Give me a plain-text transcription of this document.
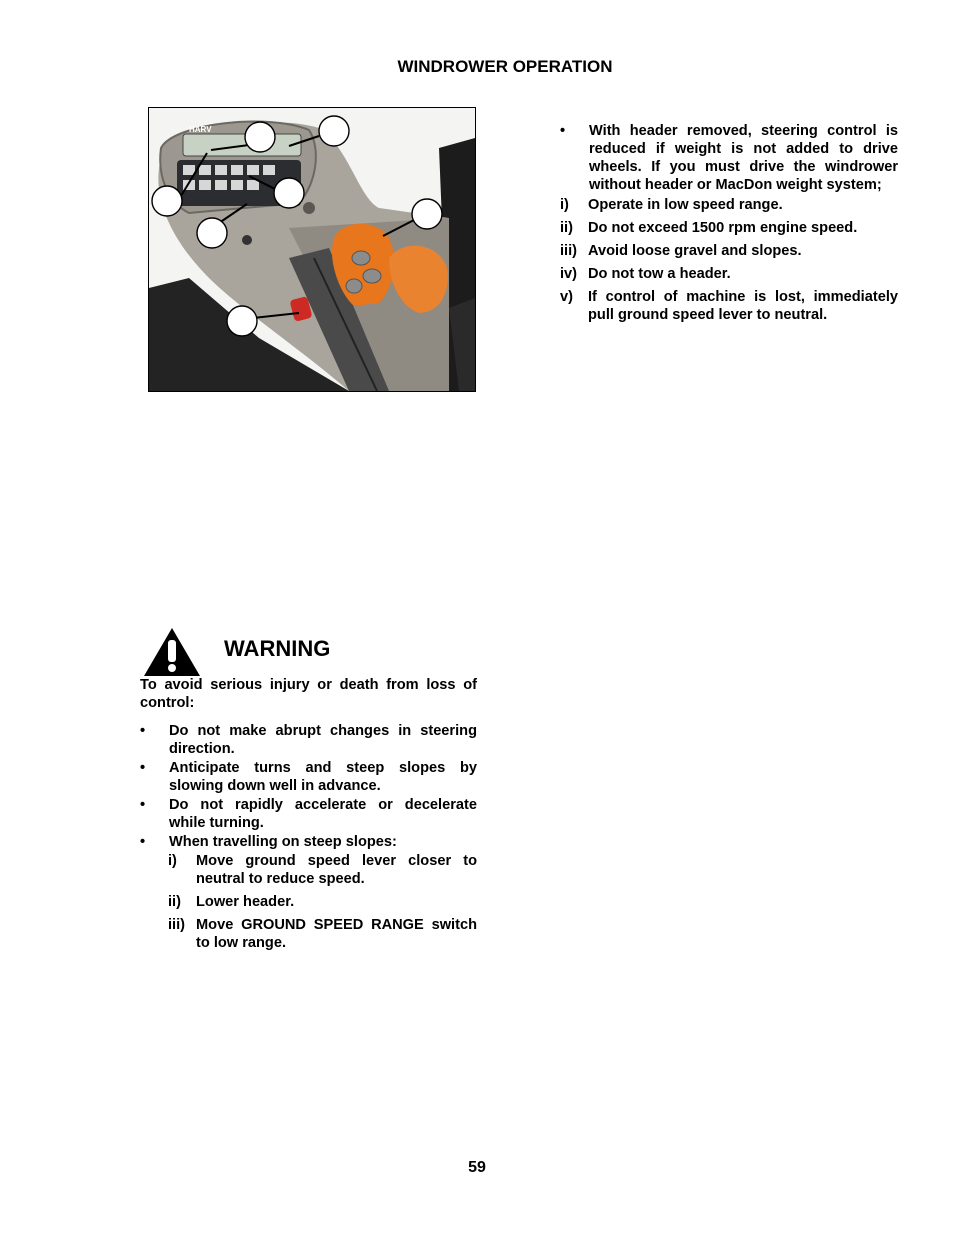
WINDROWER OPERATION
HARV	• With header removed, steering control is reduced if weight is not added to drive wheels. If you must drive the windrower without header or MacDon weight system;
i) Operate in low speed range.
ii) Do not exceed 1500 rpm engine speed.
iii) Avoid loose gravel and slopes.
iv) Do not tow a header.
v) If control of machine is lost, immediately pull ground speed lever to neutral.
WARNING
To avoid serious injury or death from loss of control:
• Do not make abrupt changes in steering direction.
• Anticipate turns and steep slopes by slowing down well in advance.
• Do not rapidly accelerate or decelerate while turning.
• When travelling on steep slopes:
i) Move ground speed lever closer to neutral to reduce speed.
ii) Lower header.
iii) Move GROUND SPEED RANGE switch to low range.
59
